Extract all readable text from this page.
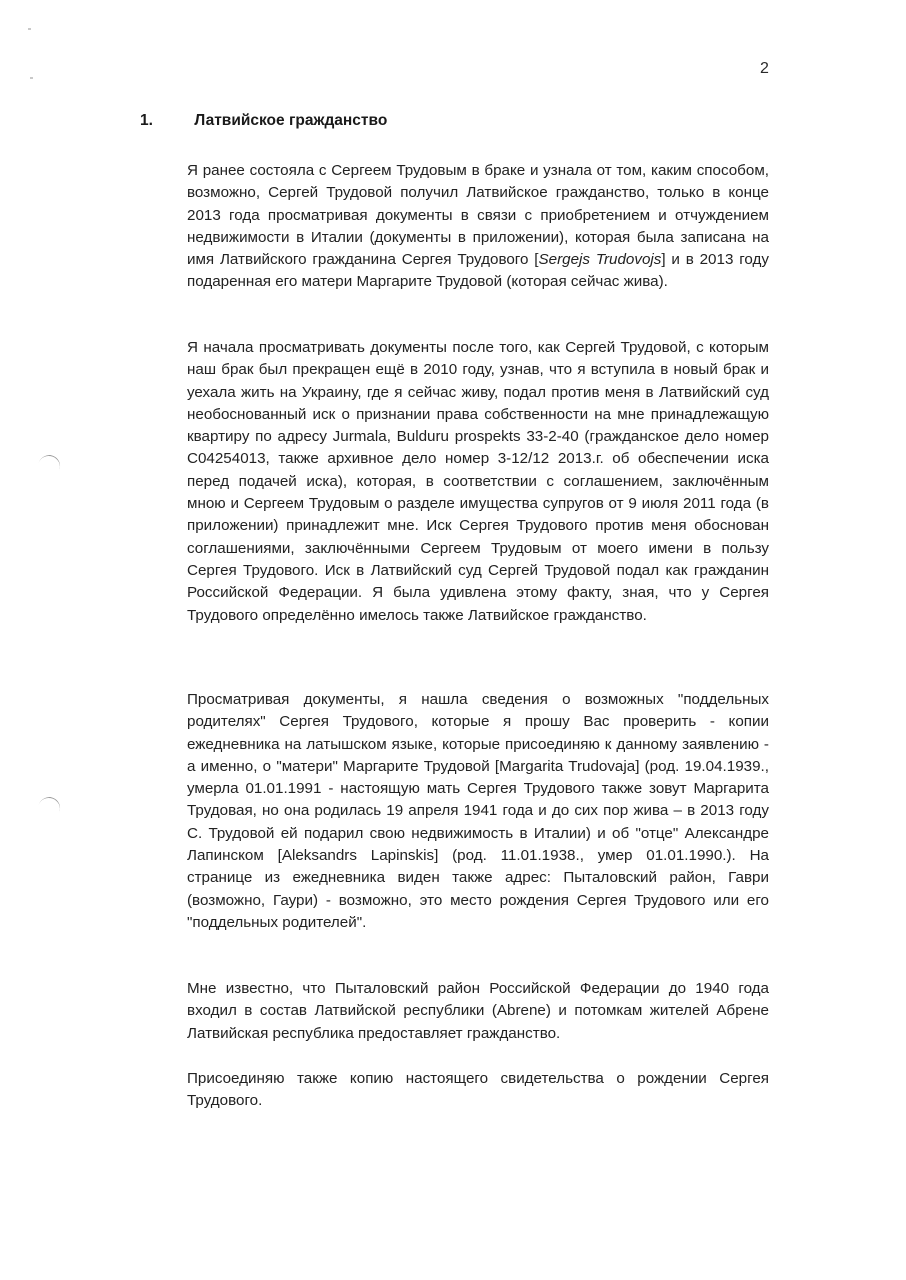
2
1.	Латвийское гражданство

Я ранее состояла с Сергеем Трудовым в браке и узнала от том, каким способом, возможно, Сергей Трудовой получил Латвийское гражданство, только в конце 2013 года просматривая документы в связи с приобретением и отчуждением недвижимости в Италии (документы в приложении), которая была записана на имя Латвийского гражданина Сергея Трудового [Sergejs Trudovojs] и в 2013 году подаренная его матери Маргарите Трудовой (которая сейчас жива).

Я начала просматривать документы после того, как Сергей Трудовой, с которым наш брак был прекращен ещё в 2010 году, узнав, что я вступила в новый брак и уехала жить на Украину, где я сейчас живу, подал против меня в Латвийский суд необоснованный иск о признании права собственности на мне принадлежащую квартиру по адресу Jurmala, Bulduru prospekts 33-2-40 (гражданское дело номер C04254013, также архивное дело номер 3-12/12 2013.г. об обеспечении иска перед подачей иска), которая, в соответствии с соглашением, заключённым мною и Сергеем Трудовым о разделе имущества супругов от 9 июля 2011 года (в приложении) принадлежит мне. Иск Сергея Трудового против меня обоснован соглашениями, заключёнными Сергеем Трудовым от моего имени в пользу Сергея Трудового. Иск в Латвийский суд Сергей Трудовой подал как гражданин Российской Федерации. Я была удивлена этому факту, зная, что у Сергея Трудового определённо имелось также Латвийское гражданство.

Просматривая документы, я нашла сведения о возможных "поддельных родителях" Сергея Трудового, которые я прошу Вас проверить - копии ежедневника на латышском языке, которые присоединяю к данному заявлению - а именно, о "матери" Маргарите Трудовой [Margarita Trudovaja] (род. 19.04.1939., умерла 01.01.1991 - настоящую мать Сергея Трудового также зовут Маргарита Трудовая, но она родилась 19 апреля 1941 года и до сих пор жива – в 2013 году С. Трудовой ей подарил свою недвижимость в Италии) и об "отце" Александре Лапинском [Aleksandrs Lapinskis] (род. 11.01.1938., умер 01.01.1990.). На странице из ежедневника виден также адрес: Пыталовский район, Гаври (возможно, Гаури) - возможно, это место рождения Сергея Трудового или его "поддельных родителей".

Мне известно, что Пыталовский район Российской Федерации до 1940 года входил в состав Латвийской республики (Abrene) и потомкам жителей Абрене Латвийская республика предоставляет гражданство.

Присоединяю также копию настоящего свидетельства о рождении Сергея Трудового.
